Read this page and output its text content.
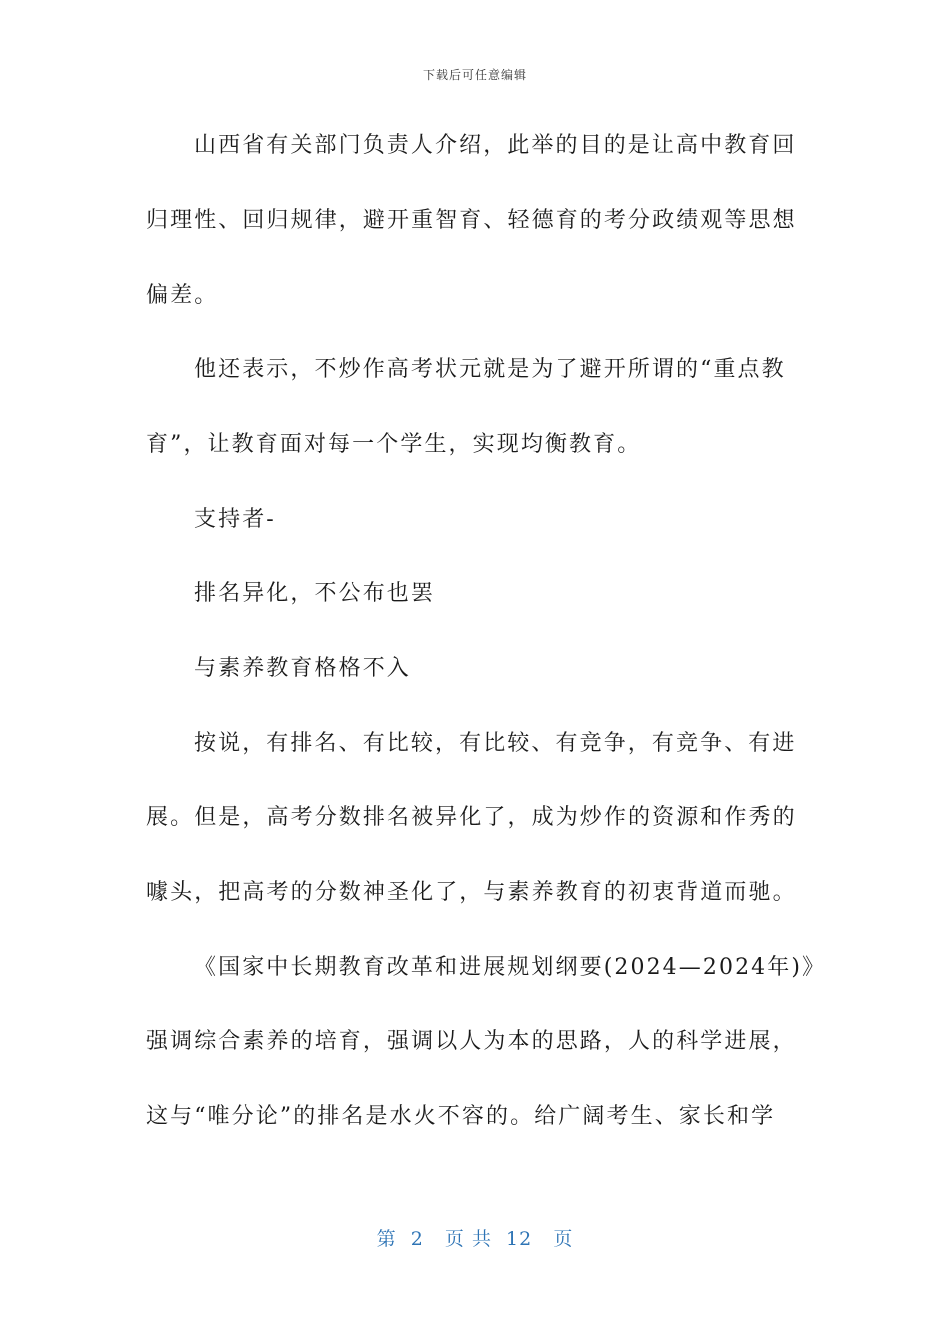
下载后可任意编辑
山西省有关部门负责人介绍，此举的目的是让高中教育回
归理性、回归规律，避开重智育、轻德育的考分政绩观等思想
偏差。
他还表示，不炒作高考状元就是为了避开所谓的“重点教
育”，让教育面对每一个学生，实现均衡教育。
支持者-
排名异化，不公布也罢
与素养教育格格不入
按说，有排名、有比较，有比较、有竞争，有竞争、有进
展。但是，高考分数排名被异化了，成为炒作的资源和作秀的
噱头，把高考的分数神圣化了，与素养教育的初衷背道而驰。
《国家中长期教育改革和进展规划纲要(2024—2024年)》
强调综合素养的培育，强调以人为本的思路，人的科学进展，
这与“唯分论”的排名是水火不容的。给广阔考生、家长和学
第  2   页 共  12   页
